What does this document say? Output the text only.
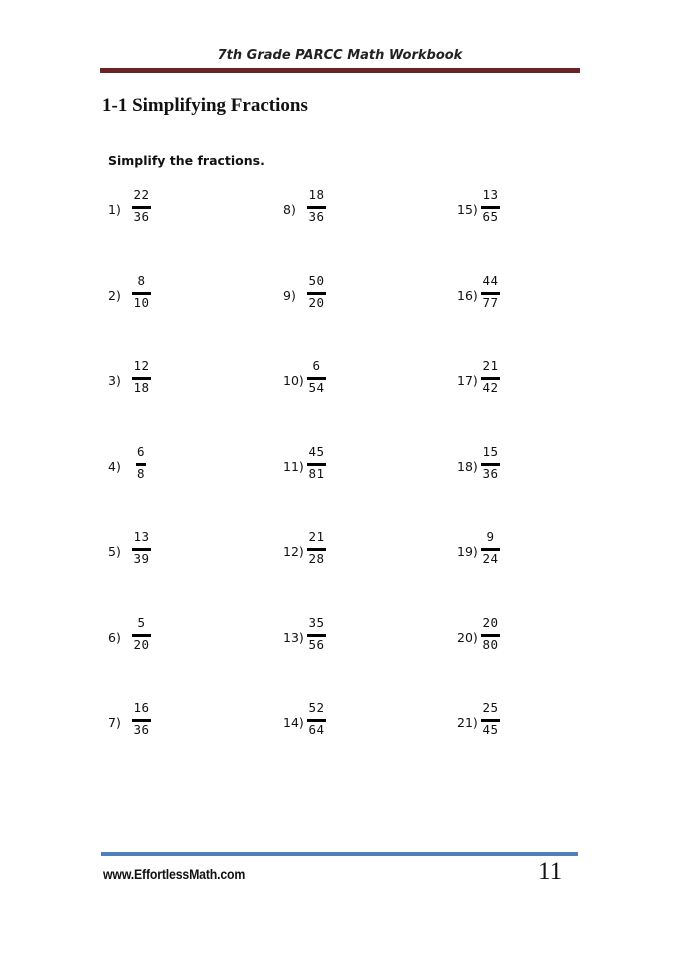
7th Grade PARCC Math Workbook
1-1 Simplifying Fractions
Simplify the fractions.
1)
22
36
2)
8
10
3)
12
18
4)
6
8
5)
13
39
6)
5
20
7)
16
36
8)
18
36
9)
50
20
10)
6
54
11)
45
81
12)
21
28
13)
35
56
14)
52
64
15)
13
65
16)
44
77
17)
21
42
18)
15
36
19)
9
24
20)
20
80
21)
25
45
www.EffortlessMath.com	11
